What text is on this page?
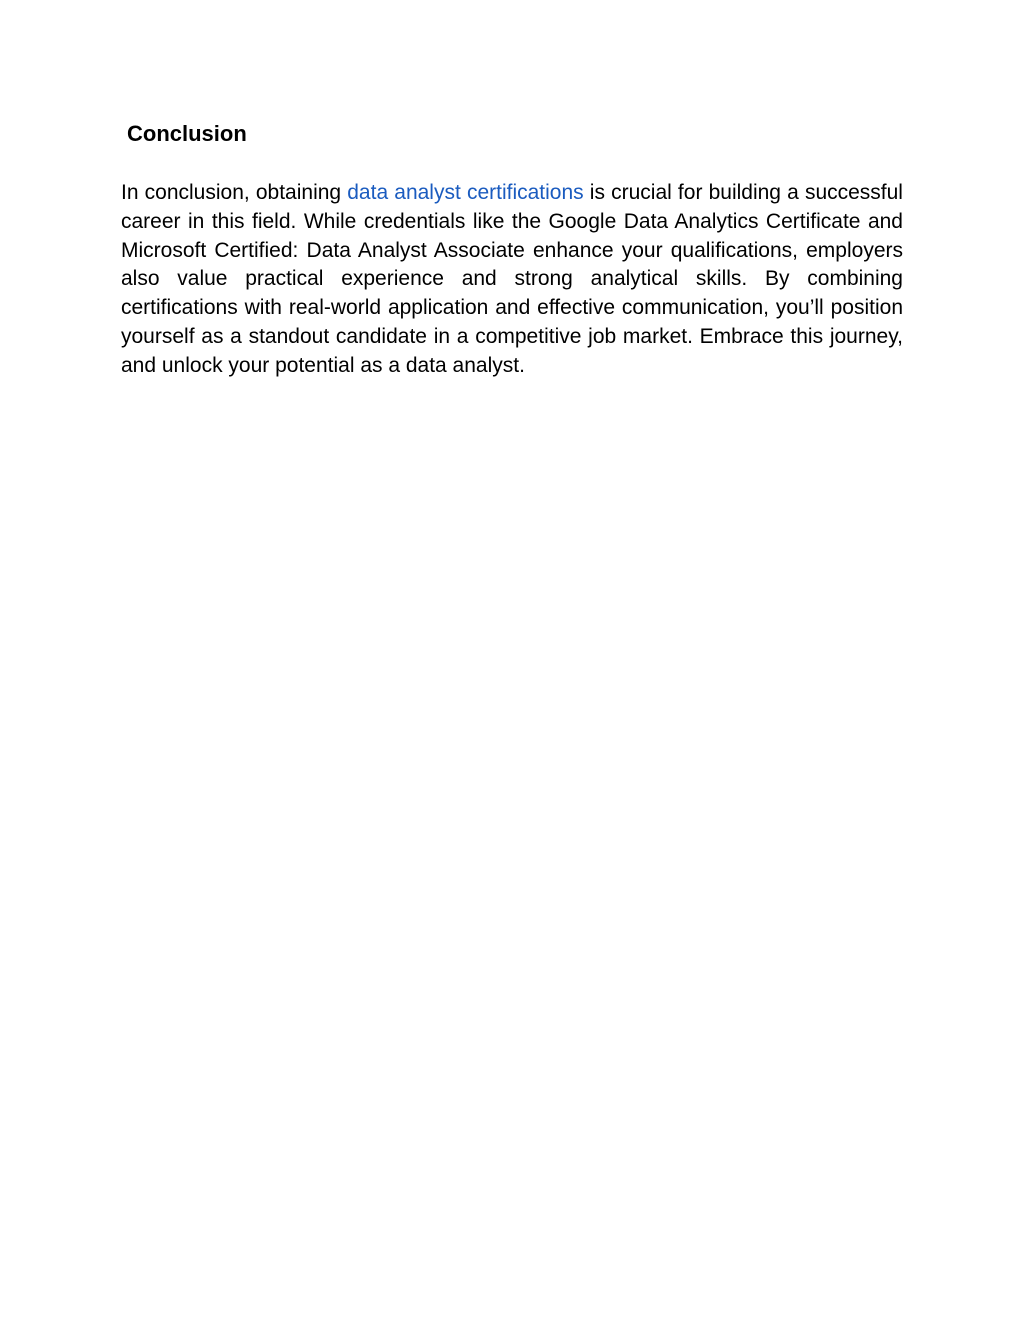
Conclusion

In conclusion, obtaining data analyst certifications is crucial for building a successful career in this field. While credentials like the Google Data Analytics Certificate and Microsoft Certified: Data Analyst Associate enhance your qualifications, employers also value practical experience and strong analytical skills. By combining certifications with real-world application and effective communication, you’ll position yourself as a standout candidate in a competitive job market. Embrace this journey, and unlock your potential as a data analyst.
